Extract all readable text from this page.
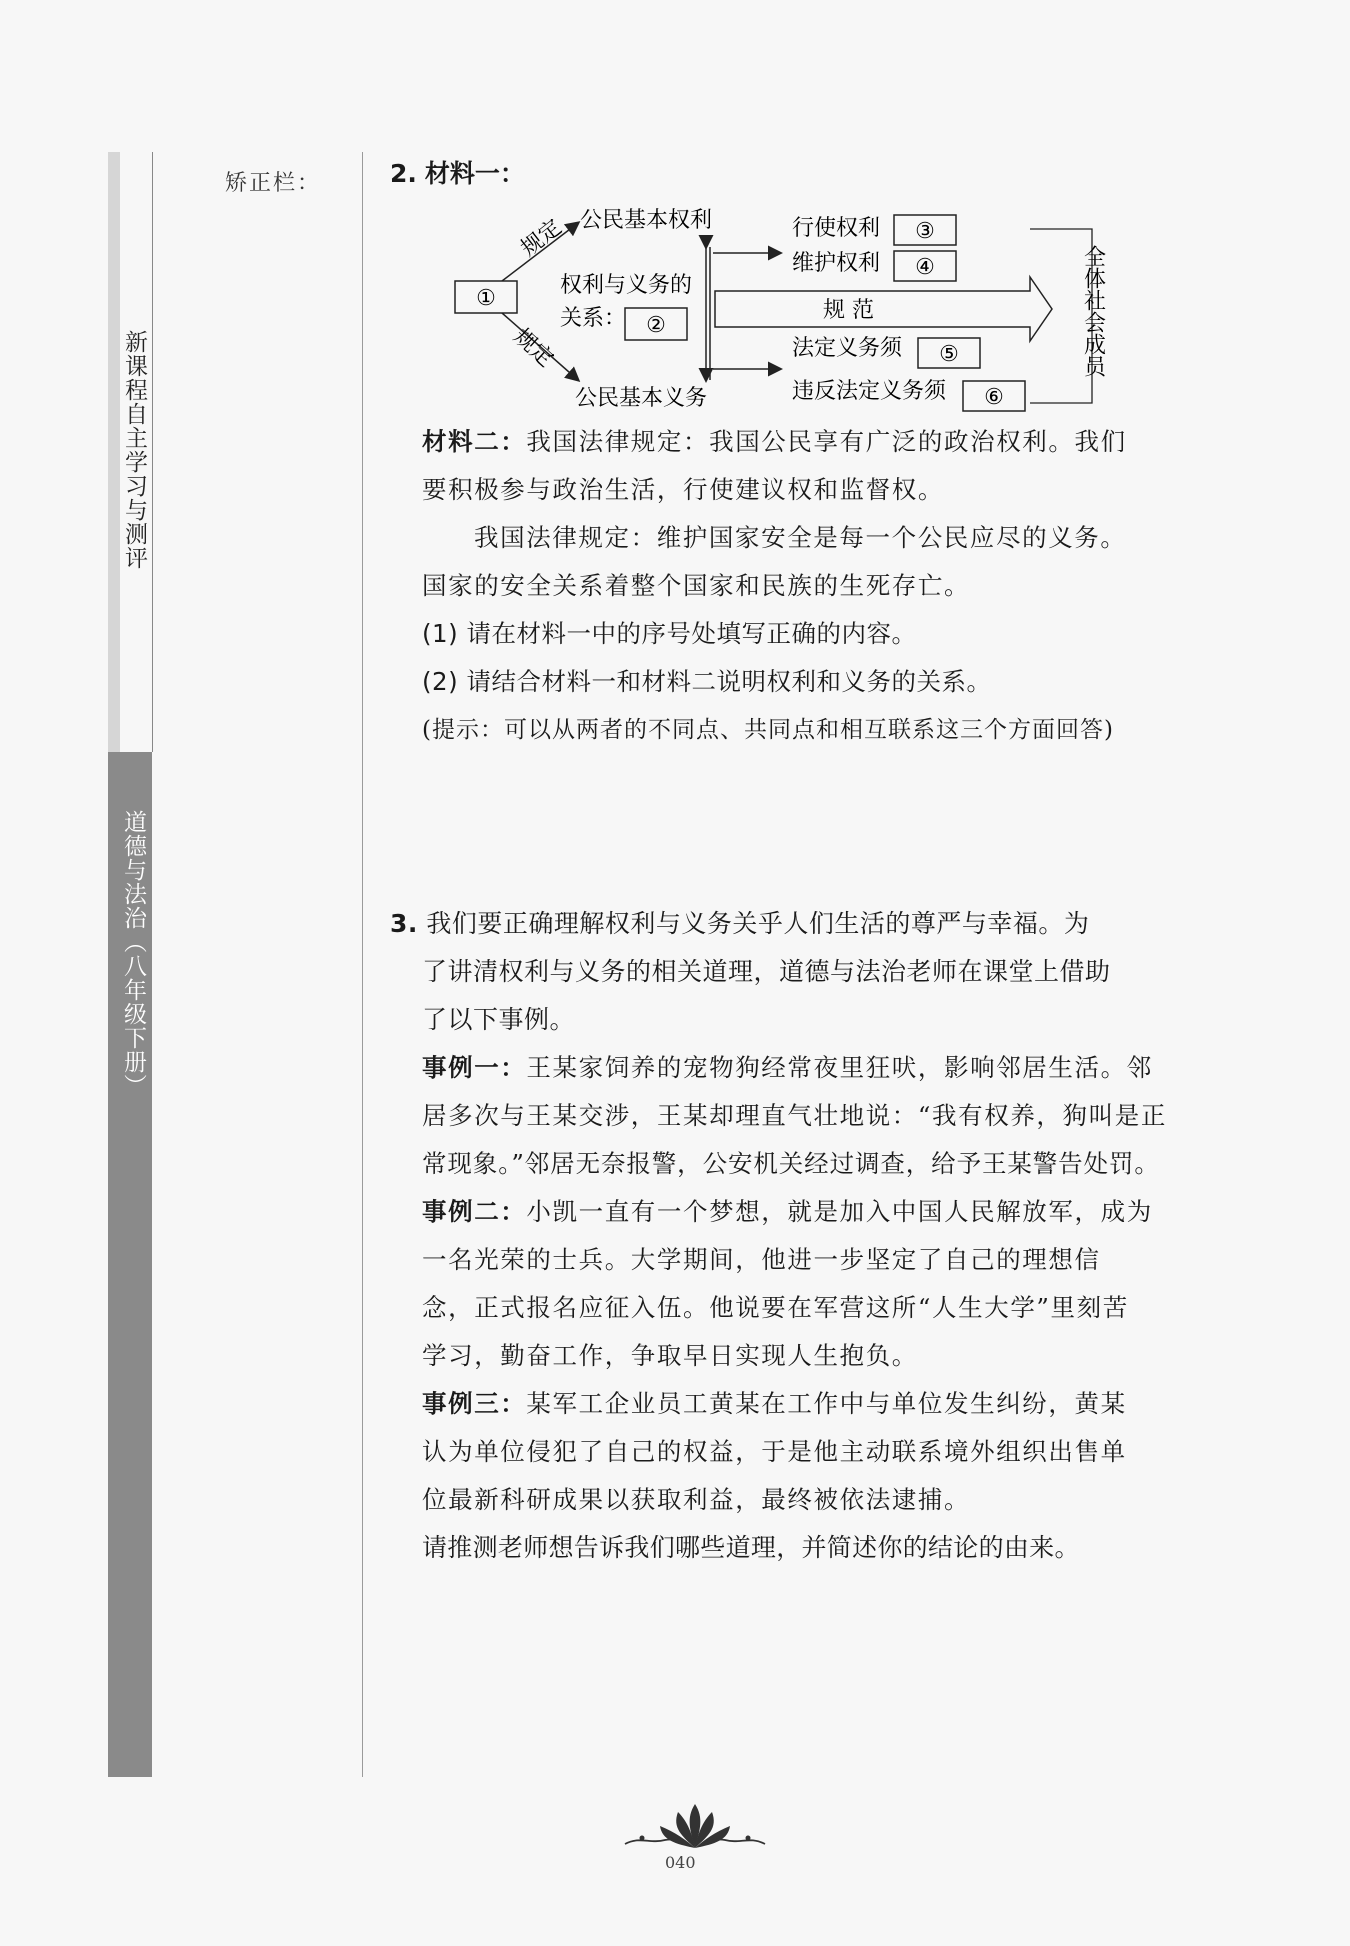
新课程自主学习与测评
道德与法治（八年级下册）
矫正栏：	2. 材料一：
①
规定
规定
公民基本权利
公民基本义务
权利与义务的
关系： ②
行使权利 ③
维护权利 ④
规 范
法定义务须 ⑤
违反法定义务须 ⑥
全体社会成员
材料二：我国法律规定：我国公民享有广泛的政治权利。我们
要积极参与政治生活，行使建议权和监督权。
我国法律规定：维护国家安全是每一个公民应尽的义务。
国家的安全关系着整个国家和民族的生死存亡。
(1) 请在材料一中的序号处填写正确的内容。
(2) 请结合材料一和材料二说明权利和义务的关系。
(提示：可以从两者的不同点、共同点和相互联系这三个方面回答)
3. 我们要正确理解权利与义务关乎人们生活的尊严与幸福。为
了讲清权利与义务的相关道理，道德与法治老师在课堂上借助
了以下事例。
事例一：王某家饲养的宠物狗经常夜里狂吠，影响邻居生活。邻
居多次与王某交涉，王某却理直气壮地说：“我有权养，狗叫是正
常现象。”邻居无奈报警，公安机关经过调查，给予王某警告处罚。
事例二：小凯一直有一个梦想，就是加入中国人民解放军，成为
一名光荣的士兵。大学期间，他进一步坚定了自己的理想信
念，正式报名应征入伍。他说要在军营这所“人生大学”里刻苦
学习，勤奋工作，争取早日实现人生抱负。
事例三：某军工企业员工黄某在工作中与单位发生纠纷，黄某
认为单位侵犯了自己的权益，于是他主动联系境外组织出售单
位最新科研成果以获取利益，最终被依法逮捕。
请推测老师想告诉我们哪些道理，并简述你的结论的由来。
040
